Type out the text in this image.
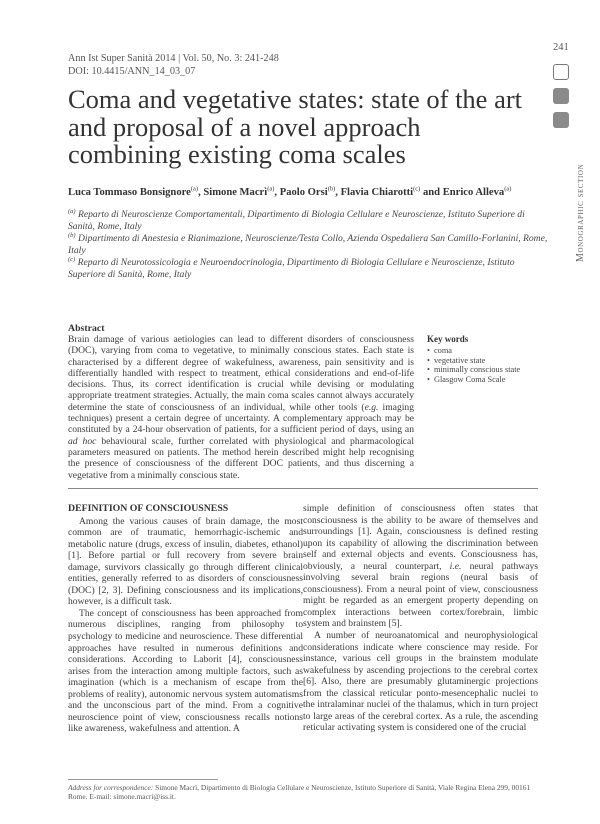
Ann Ist Super Sanità 2014 | Vol. 50, No. 3: 241-248
DOI: 10.4415/ANN_14_03_07
241
Monographic section
Coma and vegetative states: state of the art and proposal of a novel approach combining existing coma scales
Luca Tommaso Bonsignore$^{(a)}$, Simone Macrì$^{(a)}$, Paolo Orsi$^{(b)}$, Flavia Chiarotti$^{(c)}$ and Enrico Alleva$^{(a)}$
$^{(a)}$ Reparto di Neuroscienze Comportamentali, Dipartimento di Biologia Cellulare e Neuroscienze, Istituto Superiore di Sanità, Rome, Italy
$^{(b)}$ Dipartimento di Anestesia e Rianimazione, Neuroscienze/Testa Collo, Azienda Ospedaliera San Camillo-Forlanini, Rome, Italy
$^{(c)}$ Reparto di Neurotossicologia e Neuroendocrinologia, Dipartimento di Biologia Cellulare e Neuroscienze, Istituto Superiore di Sanità, Rome, Italy
Abstract
Brain damage of various aetiologies can lead to different disorders of consciousness (DOC), varying from coma to vegetative, to minimally conscious states. Each state is characterised by a different degree of wakefulness, awareness, pain sensitivity and is differentially handled with respect to treatment, ethical considerations and end-of-life decisions. Thus, its correct identification is crucial while devising or modulating appropriate treatment strategies. Actually, the main coma scales cannot always accurately determine the state of consciousness of an individual, while other tools (e.g. imaging techniques) present a certain degree of uncertainty. A complementary approach may be constituted by a 24-hour observation of patients, for a sufficient period of days, using an ad hoc behavioural scale, further correlated with physiological and pharmacological parameters measured on patients. The method herein described might help recognising the presence of consciousness of the different DOC patients, and thus discerning a vegetative from a minimally conscious state.
Key words
• coma
• vegetative state
• minimally conscious state
• Glasgow Coma Scale
DEFINITION OF CONSCIOUSNESS

Among the various causes of brain damage, the most common are of traumatic, hemorrhagic-ischemic and metabolic nature (drugs, excess of insulin, diabetes, ethanol) [1]. Before partial or full recovery from severe brain damage, survivors classically go through different clinical entities, generally referred to as disorders of consciousness (DOC) [2, 3]. Defining consciousness and its implications, however, is a difficult task.

The concept of consciousness has been approached from numerous disciplines, ranging from philosophy to psychology to medicine and neuroscience. These differential approaches have resulted in numerous definitions and considerations. According to Laborit [4], consciousness arises from the interaction among multiple factors, such as imagination (which is a mechanism of escape from the problems of reality), autonomic nervous system automatisms and the unconscious part of the mind. From a cognitive neuroscience point of view, consciousness recalls notions like awareness, wakefulness and attention. A

simple definition of consciousness often states that consciousness is the ability to be aware of themselves and surroundings [1]. Again, consciousness is defined resting upon its capability of allowing the discrimination between self and external objects and events. Consciousness has, obviously, a neural counterpart, i.e. neural pathways involving several brain regions (neural basis of consciousness). From a neural point of view, consciousness might be regarded as an emergent property depending on complex interactions between cortex/forebrain, limbic system and brainstem [5].

A number of neuroanatomical and neurophysiological considerations indicate where conscience may reside. For instance, various cell groups in the brainstem modulate wakefulness by ascending projections to the cerebral cortex [6]. Also, there are presumably glutaminergic projections from the classical reticular ponto-mesencephalic nuclei to the intralaminar nuclei of the thalamus, which in turn project to large areas of the cerebral cortex. As a rule, the ascending reticular activating system is considered one of the crucial

Address for correspondence: Simone Macrì, Dipartimento di Biologia Cellulare e Neuroscienze, Istituto Superiore di Sanità, Viale Regina Elena 299, 00161 Rome. E-mail: simone.macri@iss.it.
